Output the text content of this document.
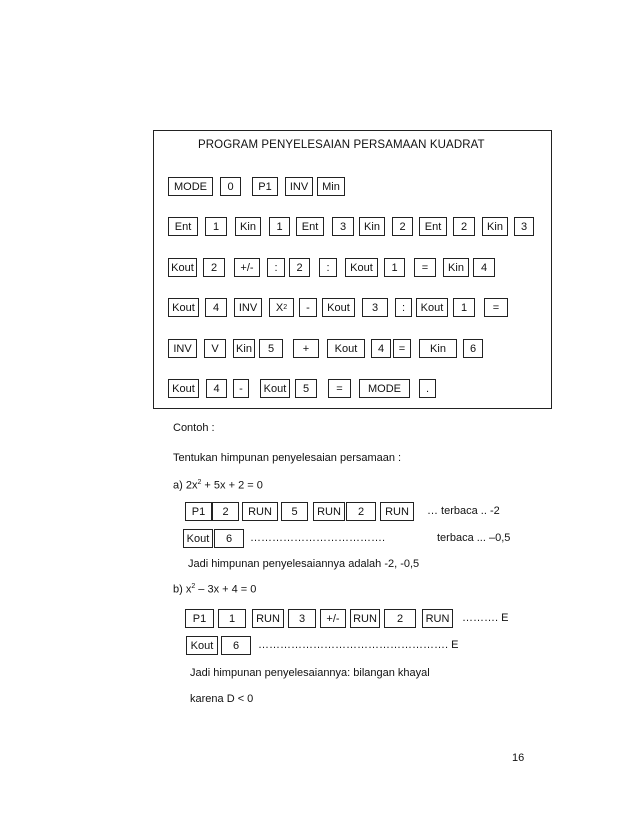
PROGRAM PENYELESAIAN PERSAMAAN KUADRAT
MODE	0	P1	INV	Min
Ent	1	Kin	1	Ent	3	Kin	2	Ent	2	Kin	3
Kout	2	+/-	:	2	:	Kout	1	=	Kin	4
Kout	4	INV	X 2	-	Kout	3	:	Kout	1	=
INV	V	Kin	5	+	Kout	4	=	Kin	6
Kout	4	-	Kout	5	=	MODE	.
Contoh :
Tentukan himpunan penyelesaian persamaan :
a) $2x^2 + 5x + 2 = 0$
P1	2	RUN	5	RUN	2	RUN	… terbaca .. -2
Kout	6	……………………………….	terbaca ... –0,5
Jadi himpunan penyelesaiannya adalah -2, -0,5
b) $x^2 - 3x + 4 = 0$
P1	1	RUN	3	+/-	RUN	2	RUN	………. E
Kout	6	……………………………………………. E
Jadi himpunan penyelesaiannya: bilangan khayal
karena D < 0
16
